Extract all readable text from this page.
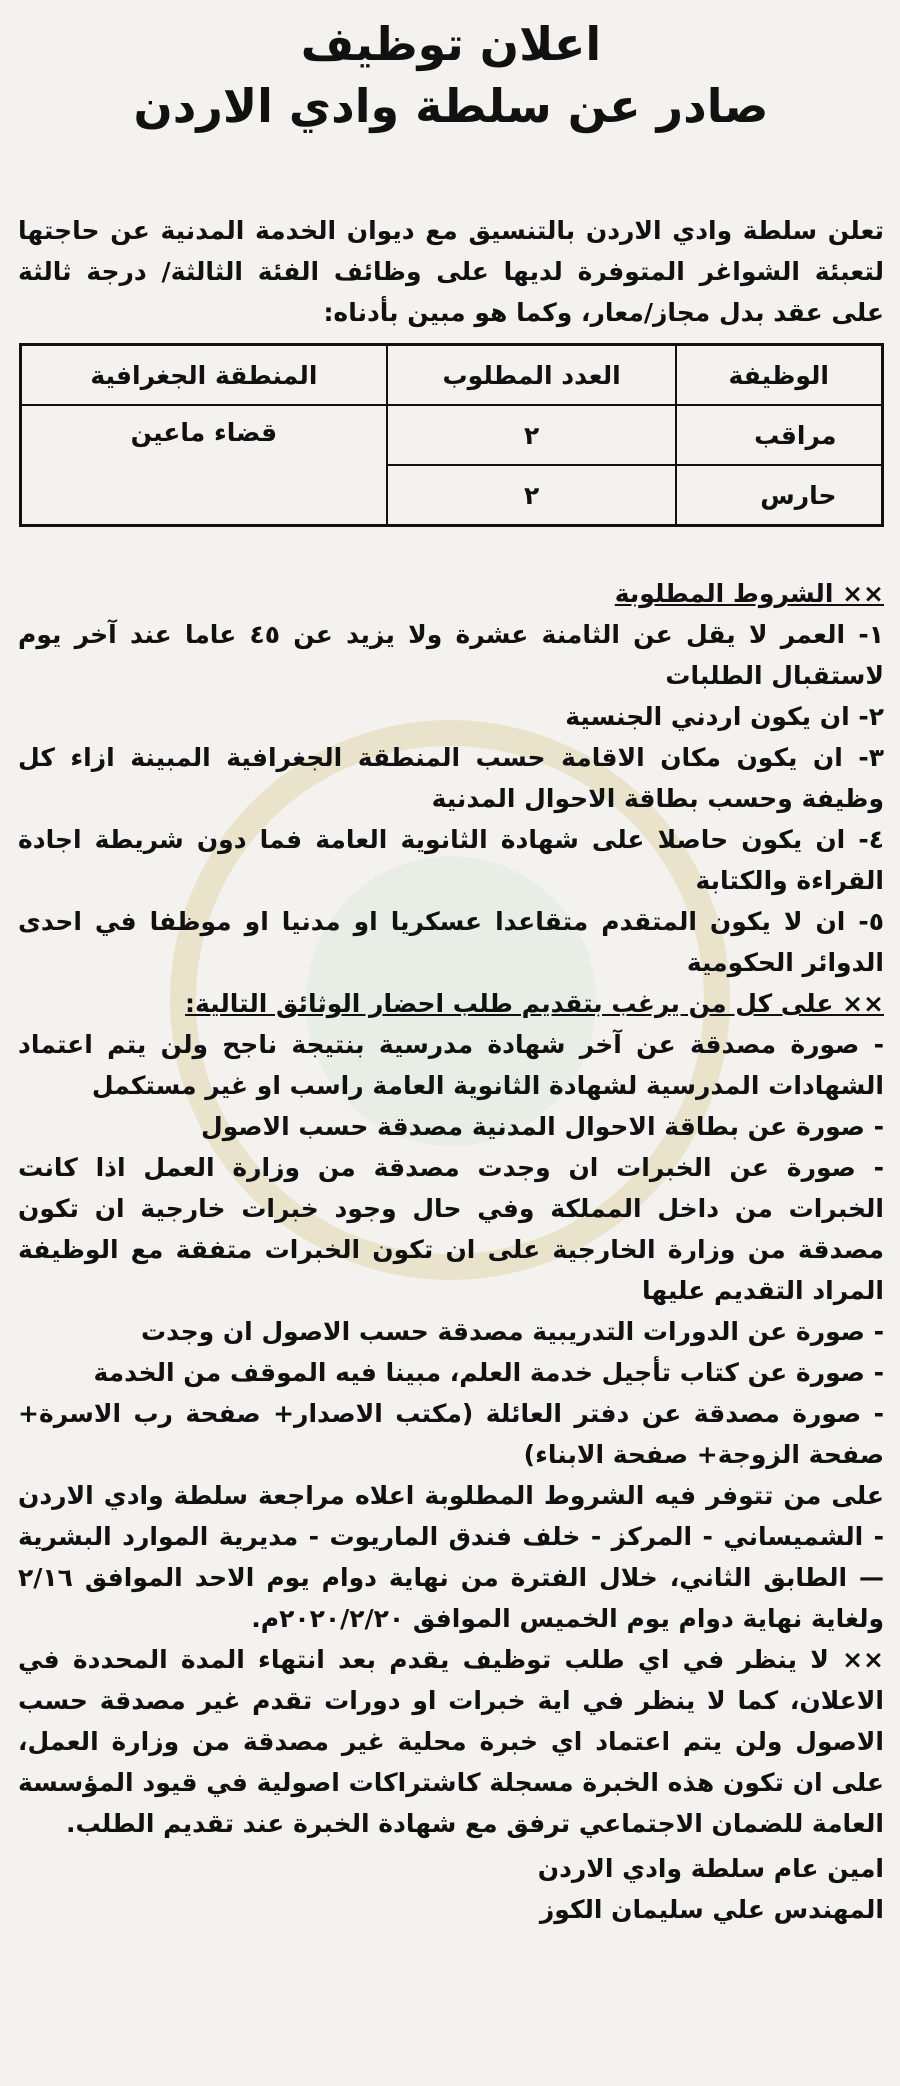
اعلان توظيف
صادر عن سلطة وادي الاردن

تعلن سلطة وادي الاردن بالتنسيق مع ديوان الخدمة المدنية عن حاجتها لتعبئة الشواغر المتوفرة لديها على وظائف الفئة الثالثة/ درجة ثالثة على عقد بدل مجاز/معار، وكما هو مبين بأدناه:

الوظيفة	العدد المطلوب	المنطقة الجغرافية
مراقب	٢	قضاء ماعين
حارس	٢	

×× الشروط المطلوبة

١- العمر لا يقل عن الثامنة عشرة ولا يزيد عن ٤٥ عاما عند آخر يوم لاستقبال الطلبات

٢- ان يكون اردني الجنسية

٣- ان يكون مكان الاقامة حسب المنطقة الجغرافية المبينة ازاء كل وظيفة وحسب بطاقة الاحوال المدنية

٤- ان يكون حاصلا على شهادة الثانوية العامة فما دون شريطة اجادة القراءة والكتابة

٥- ان لا يكون المتقدم متقاعدا عسكريا او مدنيا او موظفا في احدى الدوائر الحكومية

×× على كل من يرغب بتقديم طلب احضار الوثائق التالية:

- صورة مصدقة عن آخر شهادة مدرسية بنتيجة ناجح ولن يتم اعتماد الشهادات المدرسية لشهادة الثانوية العامة راسب او غير مستكمل

- صورة عن بطاقة الاحوال المدنية مصدقة حسب الاصول

- صورة عن الخبرات ان وجدت مصدقة من وزارة العمل اذا كانت الخبرات من داخل المملكة وفي حال وجود خبرات خارجية ان تكون مصدقة من وزارة الخارجية على ان تكون الخبرات متفقة مع الوظيفة المراد التقديم عليها

- صورة عن الدورات التدريبية مصدقة حسب الاصول ان وجدت

- صورة عن كتاب تأجيل خدمة العلم، مبينا فيه الموقف من الخدمة

- صورة مصدقة عن دفتر العائلة (مكتب الاصدار+ صفحة رب الاسرة+ صفحة الزوجة+ صفحة الابناء)

على من تتوفر فيه الشروط المطلوبة اعلاه مراجعة سلطة وادي الاردن - الشميساني - المركز - خلف فندق الماريوت - مديرية الموارد البشرية — الطابق الثاني، خلال الفترة من نهاية دوام يوم الاحد الموافق ٢/١٦ ولغاية نهاية دوام يوم الخميس الموافق ٢٠٢٠/٢/٢٠م.

×× لا ينظر في اي طلب توظيف يقدم بعد انتهاء المدة المحددة في الاعلان، كما لا ينظر في اية خبرات او دورات تقدم غير مصدقة حسب الاصول ولن يتم اعتماد اي خبرة محلية غير مصدقة من وزارة العمل، على ان تكون هذه الخبرة مسجلة كاشتراكات اصولية في قيود المؤسسة العامة للضمان الاجتماعي ترفق مع شهادة الخبرة عند تقديم الطلب.

امين عام سلطة وادي الاردن

المهندس علي سليمان الكوز
